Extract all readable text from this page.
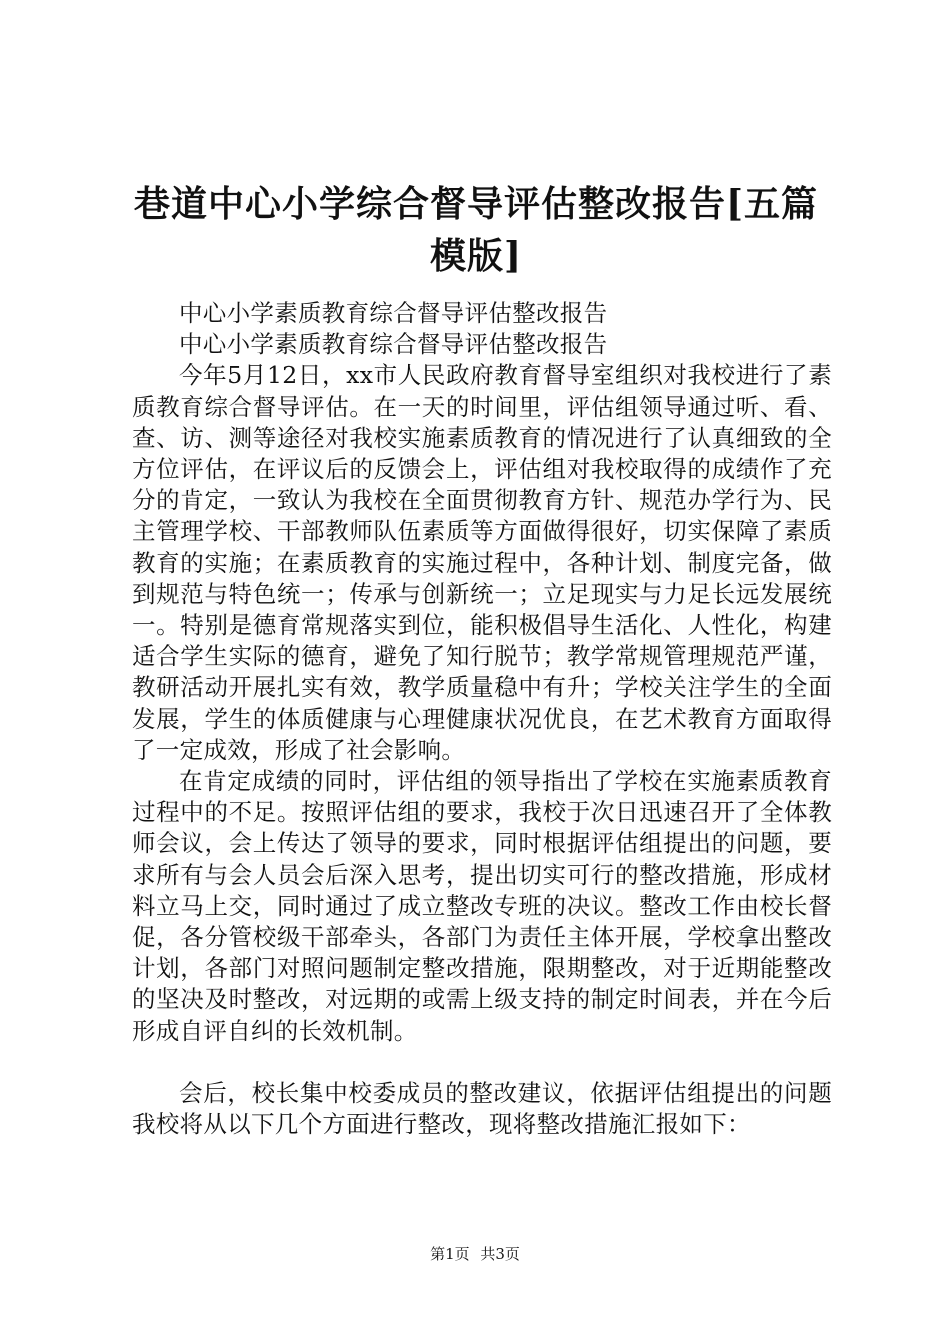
巷道中心小学综合督导评估整改报告[五篇模版]

中心小学素质教育综合督导评估整改报告

中心小学素质教育综合督导评估整改报告

今年5月12日，xx市人民政府教育督导室组织对我校进行了素质教育综合督导评估。在一天的时间里，评估组领导通过听、看、查、访、测等途径对我校实施素质教育的情况进行了认真细致的全方位评估，在评议后的反馈会上，评估组对我校取得的成绩作了充分的肯定，一致认为我校在全面贯彻教育方针、规范办学行为、民主管理学校、干部教师队伍素质等方面做得很好，切实保障了素质教育的实施；在素质教育的实施过程中，各种计划、制度完备，做到规范与特色统一；传承与创新统一；立足现实与力足长远发展统一。特别是德育常规落实到位，能积极倡导生活化、人性化，构建适合学生实际的德育，避免了知行脱节；教学常规管理规范严谨，教研活动开展扎实有效，教学质量稳中有升；学校关注学生的全面发展，学生的体质健康与心理健康状况优良，在艺术教育方面取得了一定成效，形成了社会影响。

在肯定成绩的同时，评估组的领导指出了学校在实施素质教育过程中的不足。按照评估组的要求，我校于次日迅速召开了全体教师会议，会上传达了领导的要求，同时根据评估组提出的问题，要求所有与会人员会后深入思考，提出切实可行的整改措施，形成材料立马上交，同时通过了成立整改专班的决议。整改工作由校长督促，各分管校级干部牵头，各部门为责任主体开展，学校拿出整改计划，各部门对照问题制定整改措施，限期整改，对于近期能整改的坚决及时整改，对远期的或需上级支持的制定时间表，并在今后形成自评自纠的长效机制。

会后，校长集中校委成员的整改建议，依据评估组提出的问题我校将从以下几个方面进行整改，现将整改措施汇报如下：

第1页 共3页
